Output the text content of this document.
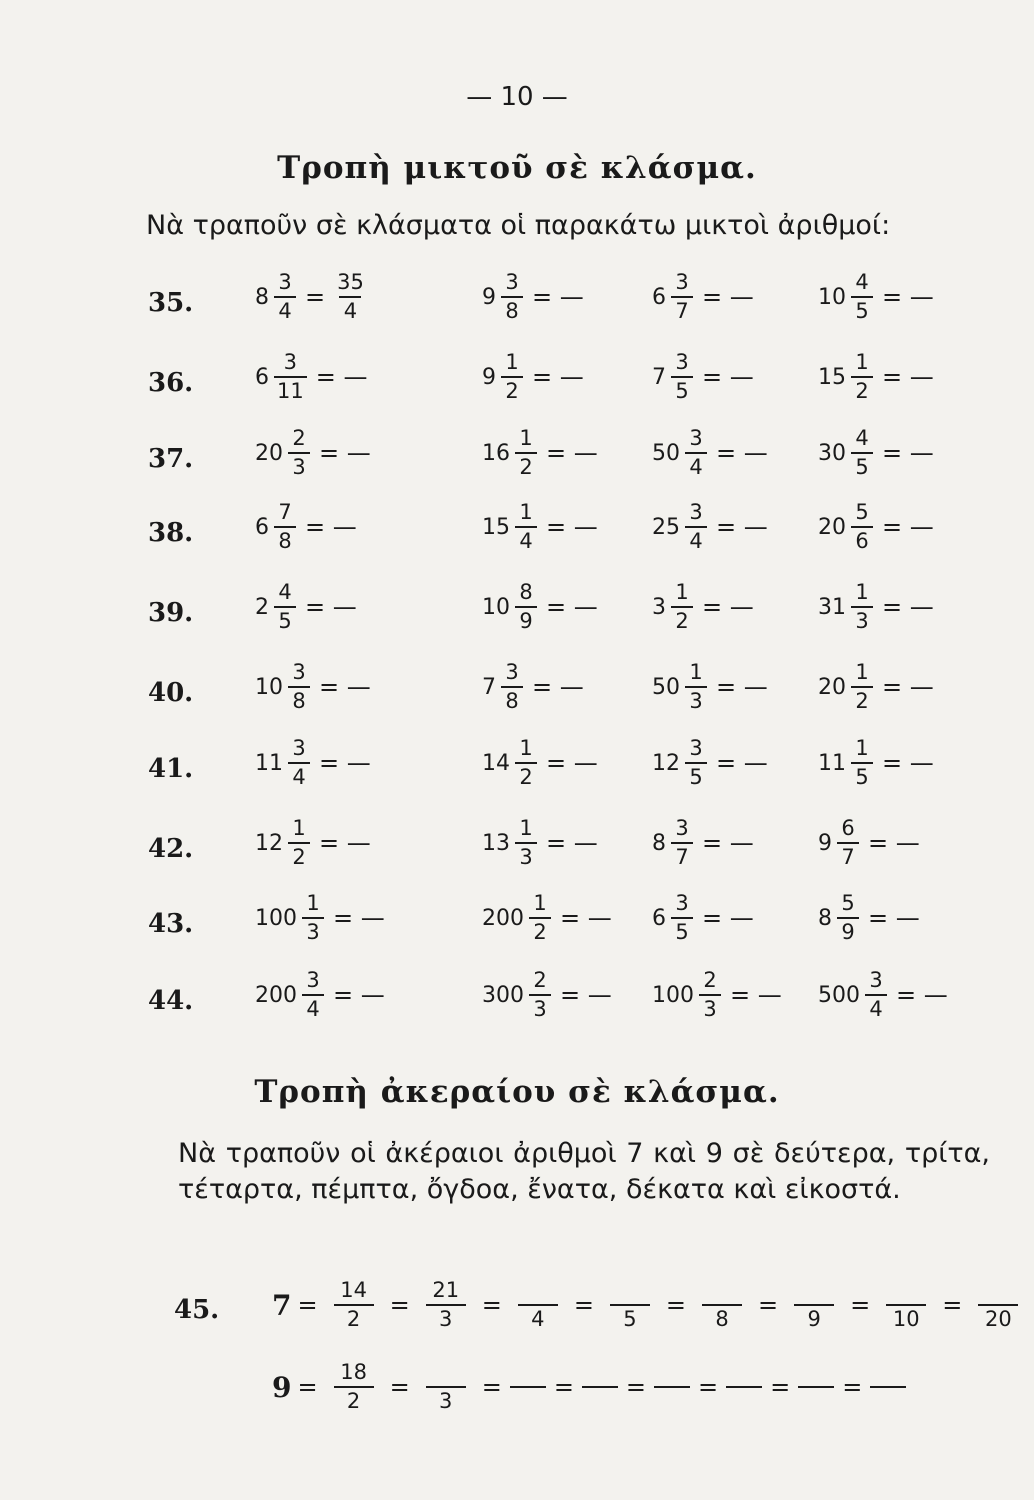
— 10 —
Τροπὴ μικτοῦ σὲ κλάσμα.
Νὰ τραποῦν σὲ κλάσματα οἱ παρακάτω μικτοὶ ἀριθμοί:
35.	$8 \frac{3}{4} = \frac{35}{4}$	$9 \frac{3}{8}$ = —	$6 \frac{3}{7}$ = —	$10 \frac{4}{5}$ = —
36.	$6 \frac{3}{11}$ = —	$9 \frac{1}{2}$ = —	$7 \frac{3}{5}$ = —	$15 \frac{1}{2}$ = —
37.	$20 \frac{2}{3}$ = —	$16 \frac{1}{2}$ = — $50 \frac{3}{4}$ = — $30 \frac{4}{5}$ = —
38.	$6 \frac{7}{8}$ = —	$15 \frac{1}{4}$ = — $25 \frac{3}{4}$ = — $20 \frac{5}{6}$ = —
39.	$2 \frac{4}{5}$ = —	$10 \frac{8}{9}$ = — $3 \frac{1}{2}$ = —	$31 \frac{1}{3}$ = —
40.	$10 \frac{3}{8}$ = —	$7 \frac{3}{8}$ = —	$50 \frac{1}{3}$ = — $20 \frac{1}{2}$ = —
41.	$11 \frac{3}{4}$ = —	$14 \frac{1}{2}$ = — $12 \frac{3}{5}$ = — $11 \frac{1}{5}$ = —
42.	$12 \frac{1}{2}$ = —	$13 \frac{1}{3}$ = — $8 \frac{3}{7}$ = —	$9 \frac{6}{7}$ = —
43.	$100 \frac{1}{3}$ = —	$200 \frac{1}{2}$ = — $6 \frac{3}{5}$ = —	$8 \frac{5}{9}$ = —
44.	$200 \frac{3}{4}$ = —	$300 \frac{2}{3}$ = — $100 \frac{2}{3}$ = — $500 \frac{3}{4}$ = —
Τροπὴ ἀκεραίου σὲ κλάσμα.
Νὰ τραποῦν οἱ ἀκέραιοι ἀριθμοὶ 7 καὶ 9 σὲ δεύτερα, τρίτα, τέταρτα, πέμπτα, ὄγδοα, ἔνατα, δέκατα καὶ εἰκοστά.
45. $7 = \frac{14}{2} = \frac{21}{3}$ =	4	=	5	=	8	=	9	=	10 =	20
$9 = \frac{18}{2}$ =	3	= = = = = =
